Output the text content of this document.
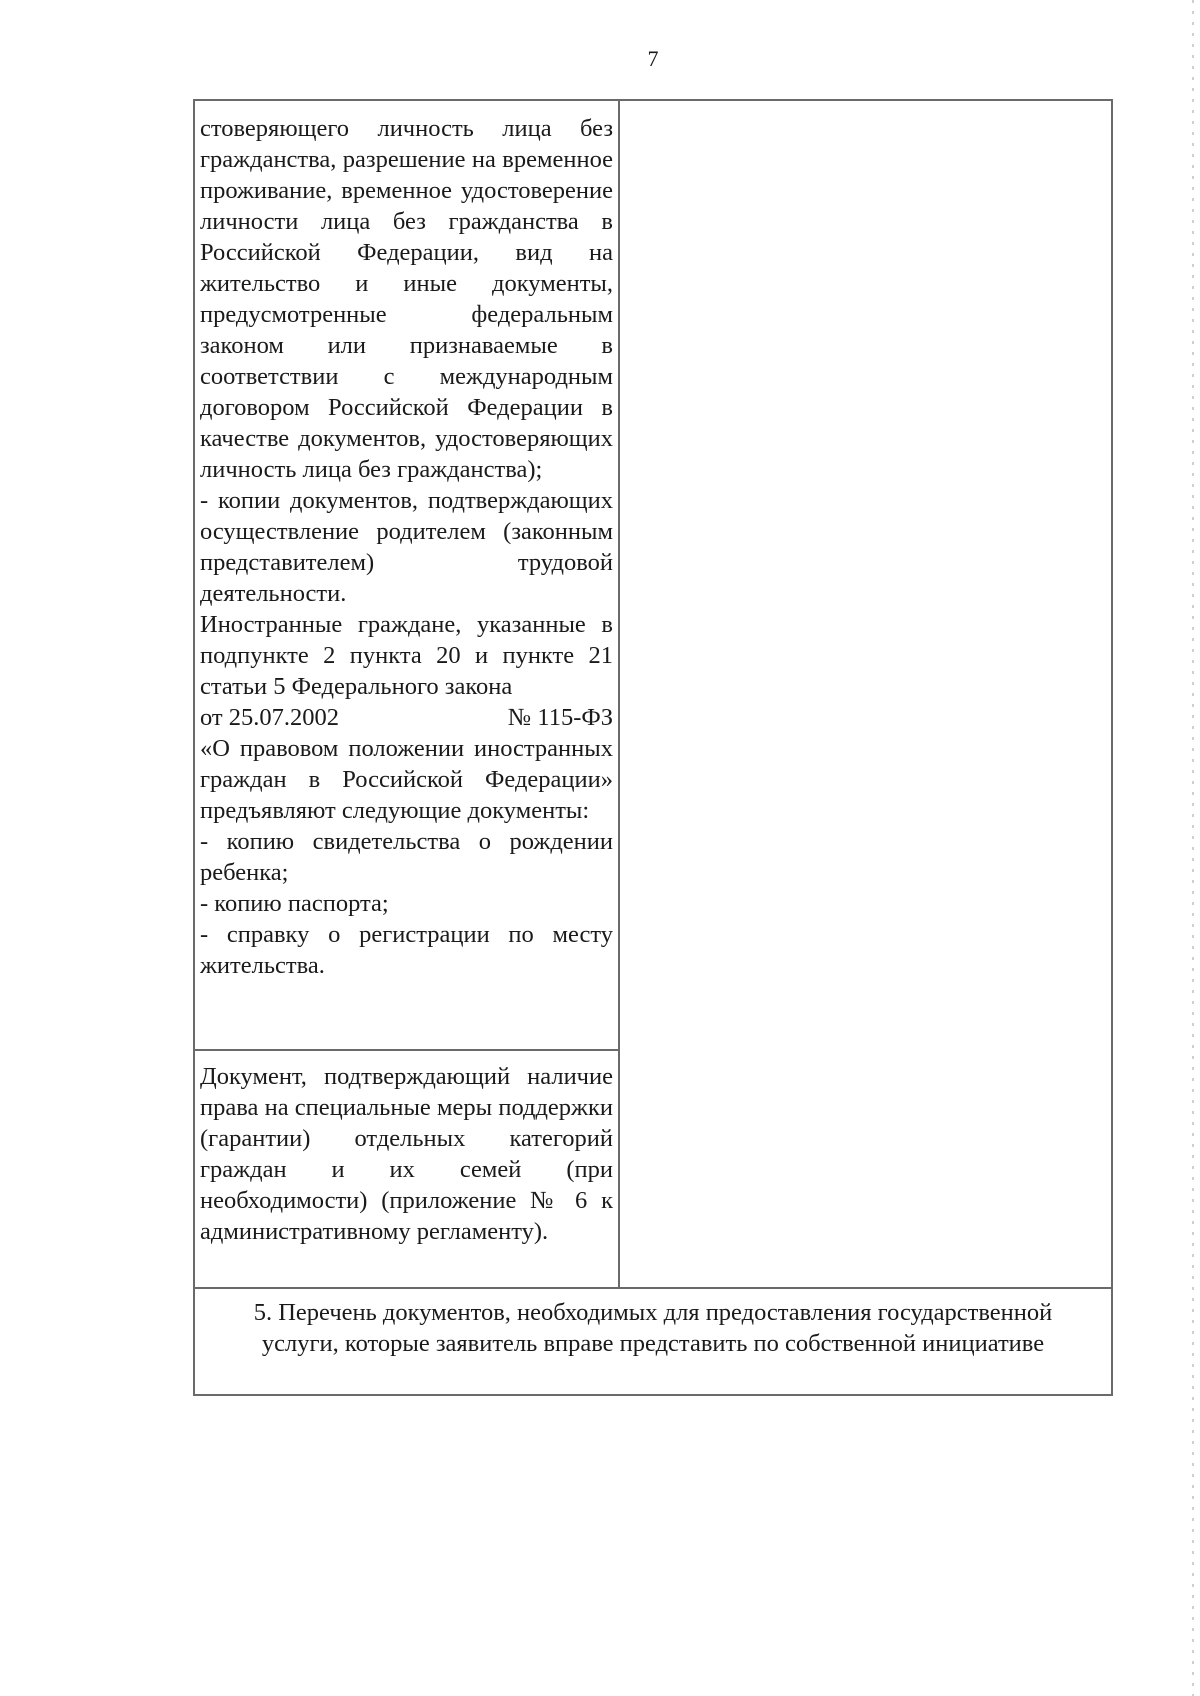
7

стоверяющего личность лица без гражданства, разрешение на временное проживание, временное удостоверение личности лица без гражданства в Российской Федерации, вид на жительство и иные документы, предусмотренные федеральным законом или признаваемые в соответствии с международным договором Российской Федерации в качестве документов, удостоверяющих личность лица без гражданства);

- копии документов, подтверждающих осуществление родителем (законным представителем) трудовой деятельности.

Иностранные граждане, указанные в подпункте 2 пункта 20 и пункте 21 статьи 5 Федерального закона

от 25.07.2002	№ 115-ФЗ

«О правовом положении иностранных граждан в Российской Федерации» предъявляют следующие документы:

- копию свидетельства о рождении ребенка;

- копию паспорта;

- справку о регистрации по месту жительства.

Документ, подтверждающий наличие права на специальные меры поддержки (гарантии) отдельных категорий граждан и их семей (при необходимости) (приложение № 6 к административному регламенту).

5. Перечень документов, необходимых для предоставления государственной

услуги, которые заявитель вправе представить по собственной инициативе
